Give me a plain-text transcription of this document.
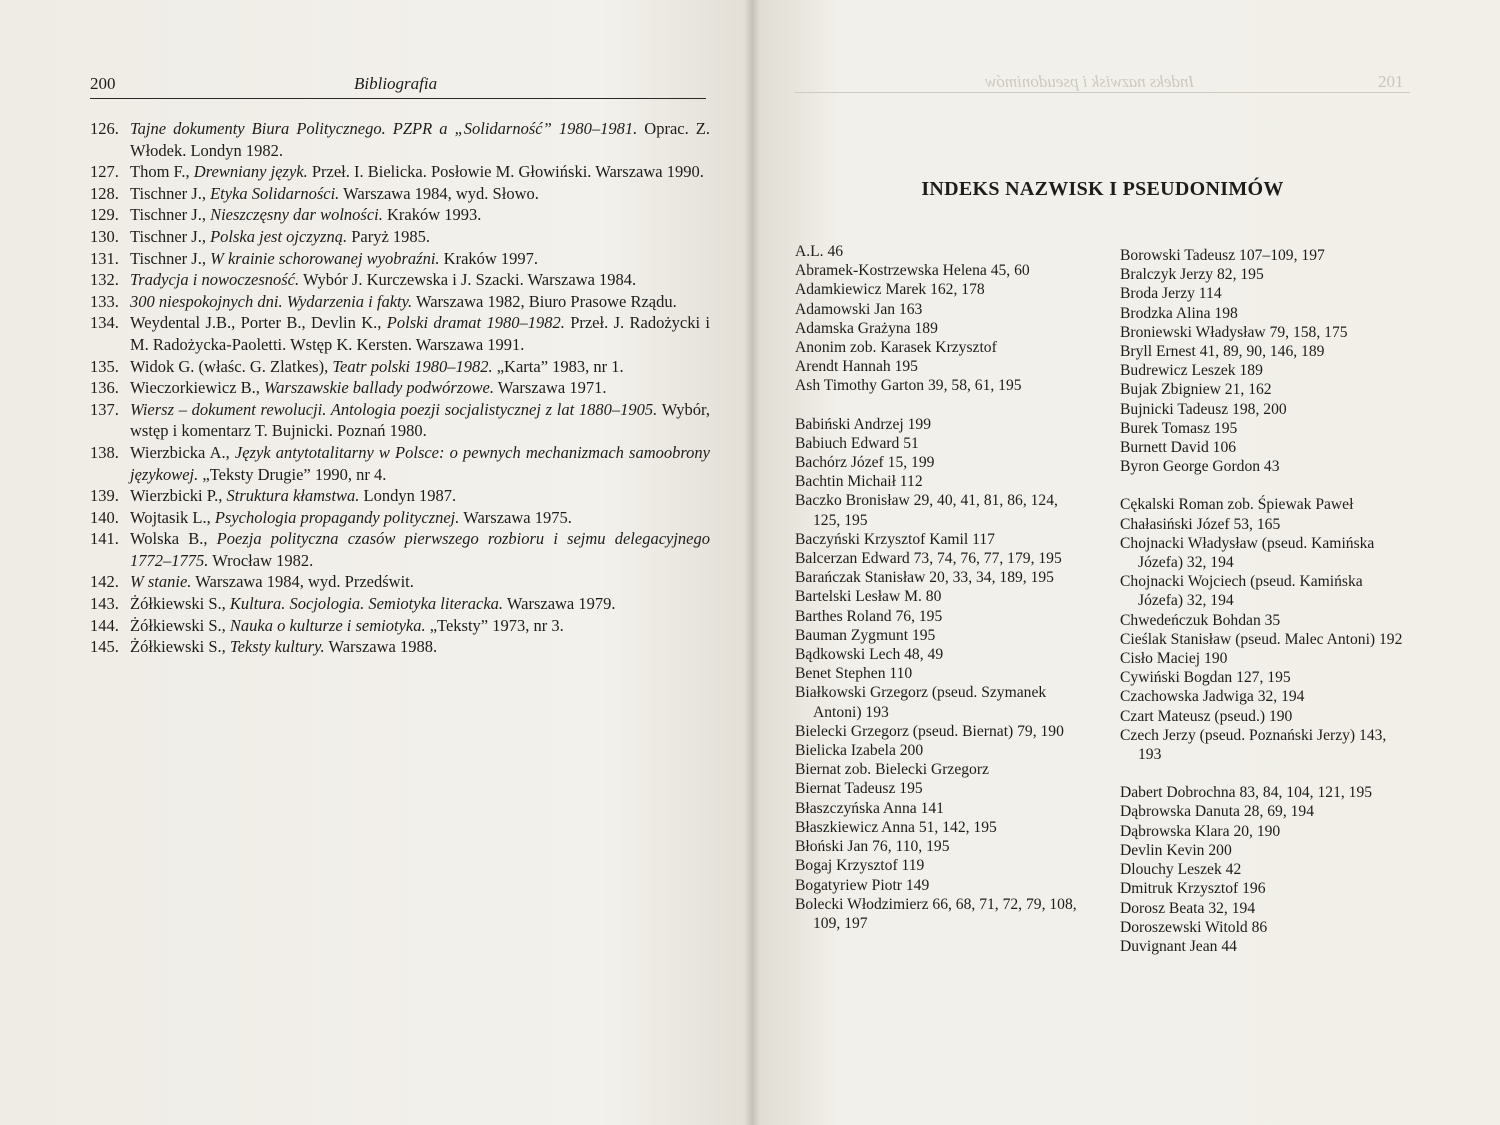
200	Bibliografia
126. Tajne dokumenty Biura Politycznego. PZPR a „Solidarność” 1980–1981. Oprac. Z. Włodek. Londyn 1982.
127. Thom F., Drewniany język. Przeł. I. Bielicka. Posłowie M. Głowiński. Warszawa 1990.
128. Tischner J., Etyka Solidarności. Warszawa 1984, wyd. Słowo.
129. Tischner J., Nieszczęsny dar wolności. Kraków 1993.
130. Tischner J., Polska jest ojczyzną. Paryż 1985.
131. Tischner J., W krainie schorowanej wyobraźni. Kraków 1997.
132. Tradycja i nowoczesność. Wybór J. Kurczewska i J. Szacki. Warszawa 1984.
133. 300 niespokojnych dni. Wydarzenia i fakty. Warszawa 1982, Biuro Prasowe Rządu.
134. Weydental J.B., Porter B., Devlin K., Polski dramat 1980–1982. Przeł. J. Radożycki i M. Radożycka-Paoletti. Wstęp K. Kersten. Warszawa 1991.
135. Widok G. (właśc. G. Zlatkes), Teatr polski 1980–1982. „Karta” 1983, nr 1.
136. Wieczorkiewicz B., Warszawskie ballady podwórzowe. Warszawa 1971.
137. Wiersz – dokument rewolucji. Antologia poezji socjalistycznej z lat 1880–1905. Wybór, wstęp i komentarz T. Bujnicki. Poznań 1980.
138. Wierzbicka A., Język antytotalitarny w Polsce: o pewnych mechanizmach samoobrony językowej. „Teksty Drugie” 1990, nr 4.
139. Wierzbicki P., Struktura kłamstwa. Londyn 1987.
140. Wojtasik L., Psychologia propagandy politycznej. Warszawa 1975.
141. Wolska B., Poezja polityczna czasów pierwszego rozbioru i sejmu delegacyjnego 1772–1775. Wrocław 1982.
142. W stanie. Warszawa 1984, wyd. Przedświt.
143. Żółkiewski S., Kultura. Socjologia. Semiotyka literacka. Warszawa 1979.
144. Żółkiewski S., Nauka o kulturze i semiotyka. „Teksty” 1973, nr 3.
145. Żółkiewski S., Teksty kultury. Warszawa 1988.
Indeks nazwisk i pseudonimów	201
INDEKS NAZWISK I PSEUDONIMÓW
A.L. 46
Abramek-Kostrzewska Helena 45, 60
Adamkiewicz Marek 162, 178
Adamowski Jan 163
Adamska Grażyna 189
Anonim zob. Karasek Krzysztof
Arendt Hannah 195
Ash Timothy Garton 39, 58, 61, 195
Babiński Andrzej 199
Babiuch Edward 51
Bachórz Józef 15, 199
Bachtin Michaił 112
Baczko Bronisław 29, 40, 41, 81, 86, 124, 125, 195
Baczyński Krzysztof Kamil 117
Balcerzan Edward 73, 74, 76, 77, 179, 195
Barańczak Stanisław 20, 33, 34, 189, 195
Bartelski Lesław M. 80
Barthes Roland 76, 195
Bauman Zygmunt 195
Bądkowski Lech 48, 49
Benet Stephen 110
Białkowski Grzegorz (pseud. Szymanek Antoni) 193
Bielecki Grzegorz (pseud. Biernat) 79, 190
Bielicka Izabela 200
Biernat zob. Bielecki Grzegorz
Biernat Tadeusz 195
Błaszczyńska Anna 141
Błaszkiewicz Anna 51, 142, 195
Błoński Jan 76, 110, 195
Bogaj Krzysztof 119
Bogatyriew Piotr 149
Bolecki Włodzimierz 66, 68, 71, 72, 79, 108, 109, 197
Borowski Tadeusz 107–109, 197
Bralczyk Jerzy 82, 195
Broda Jerzy 114
Brodzka Alina 198
Broniewski Władysław 79, 158, 175
Bryll Ernest 41, 89, 90, 146, 189
Budrewicz Leszek 189
Bujak Zbigniew 21, 162
Bujnicki Tadeusz 198, 200
Burek Tomasz 195
Burnett David 106
Byron George Gordon 43
Cękalski Roman zob. Śpiewak Paweł
Chałasiński Józef 53, 165
Chojnacki Władysław (pseud. Kamińska Józefa) 32, 194
Chojnacki Wojciech (pseud. Kamińska Józefa) 32, 194
Chwedeńczuk Bohdan 35
Cieślak Stanisław (pseud. Malec Antoni) 192
Cisło Maciej 190
Cywiński Bogdan 127, 195
Czachowska Jadwiga 32, 194
Czart Mateusz (pseud.) 190
Czech Jerzy (pseud. Poznański Jerzy) 143, 193
Dabert Dobrochna 83, 84, 104, 121, 195
Dąbrowska Danuta 28, 69, 194
Dąbrowska Klara 20, 190
Devlin Kevin 200
Dlouchy Leszek 42
Dmitruk Krzysztof 196
Dorosz Beata 32, 194
Doroszewski Witold 86
Duvignant Jean 44
